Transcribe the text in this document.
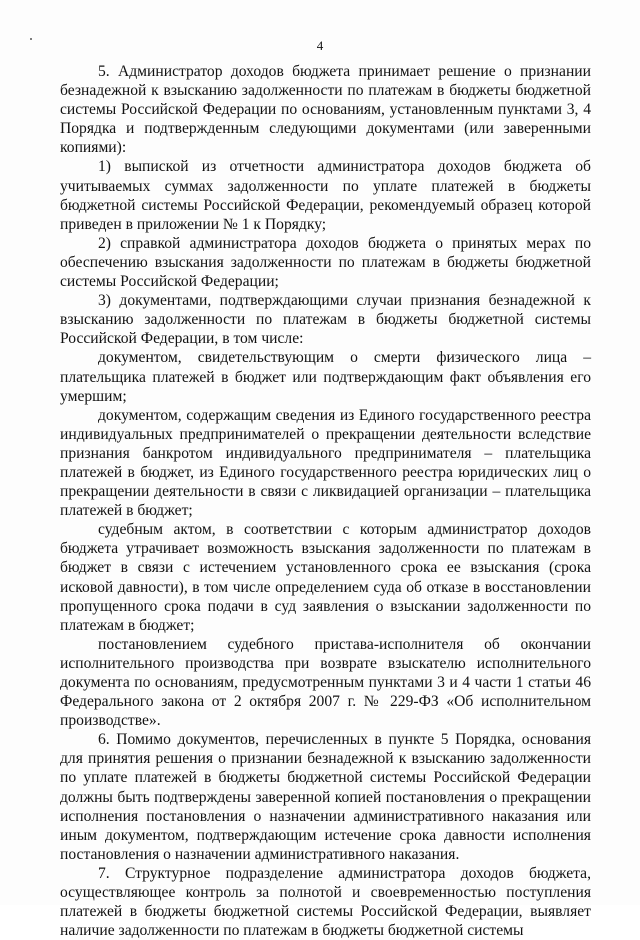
4

5. Администратор доходов бюджета принимает решение о признании безнадежной к взысканию задолженности по платежам в бюджеты бюджетной системы Российской Федерации по основаниям, установленным пунктами 3, 4 Порядка и подтвержденным следующими документами (или заверенными копиями):

1) выпиской из отчетности администратора доходов бюджета об учитываемых суммах задолженности по уплате платежей в бюджеты бюджетной системы Российской Федерации, рекомендуемый образец которой приведен в приложении № 1 к Порядку;

2) справкой администратора доходов бюджета о принятых мерах по обеспечению взыскания задолженности по платежам в бюджеты бюджетной системы Российской Федерации;

3) документами, подтверждающими случаи признания безнадежной к взысканию задолженности по платежам в бюджеты бюджетной системы Российской Федерации, в том числе:

документом, свидетельствующим о смерти физического лица – плательщика платежей в бюджет или подтверждающим факт объявления его умершим;

документом, содержащим сведения из Единого государственного реестра индивидуальных предпринимателей о прекращении деятельности вследствие признания банкротом индивидуального предпринимателя – плательщика платежей в бюджет, из Единого государственного реестра юридических лиц о прекращении деятельности в связи с ликвидацией организации – плательщика платежей в бюджет;

судебным актом, в соответствии с которым администратор доходов бюджета утрачивает возможность взыскания задолженности по платежам в бюджет в связи с истечением установленного срока ее взыскания (срока исковой давности), в том числе определением суда об отказе в восстановлении пропущенного срока подачи в суд заявления о взыскании задолженности по платежам в бюджет;

постановлением судебного пристава-исполнителя об окончании исполнительного производства при возврате взыскателю исполнительного документа по основаниям, предусмотренным пунктами 3 и 4 части 1 статьи 46 Федерального закона от 2 октября 2007 г. № 229-ФЗ «Об исполнительном производстве».

6. Помимо документов, перечисленных в пункте 5 Порядка, основания для принятия решения о признании безнадежной к взысканию задолженности по уплате платежей в бюджеты бюджетной системы Российской Федерации должны быть подтверждены заверенной копией постановления о прекращении исполнения постановления о назначении административного наказания или иным документом, подтверждающим истечение срока давности исполнения постановления о назначении административного наказания.

7. Структурное подразделение администратора доходов бюджета, осуществляющее контроль за полнотой и своевременностью поступления платежей в бюджеты бюджетной системы Российской Федерации, выявляет наличие задолженности по платежам в бюджеты бюджетной системы
